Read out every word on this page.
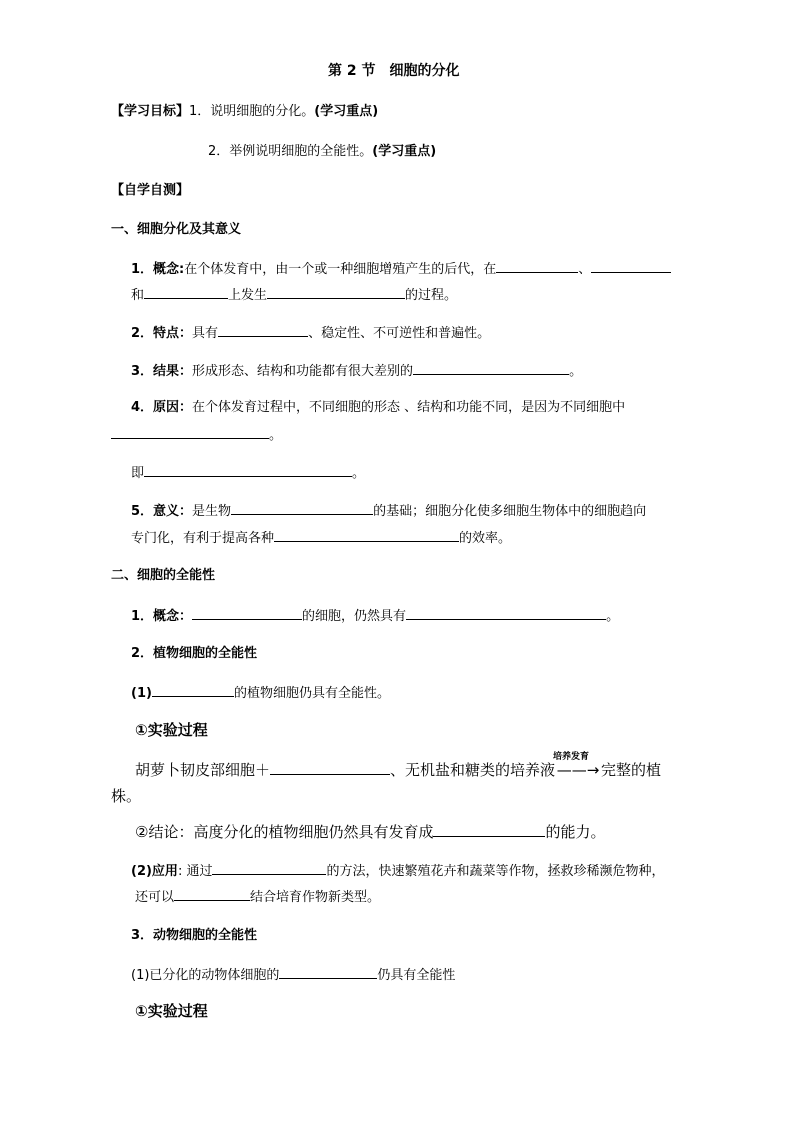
第 2 节　细胞的分化
【学习目标】1．说明细胞的分化。(学习重点)
2．举例说明细胞的全能性。(学习重点)
【自学自测】
一、细胞分化及其意义
1．概念:在个体发育中，由一个或一种细胞增殖产生的后代，在	、
和	上发生	的过程。
2．特点：具有	、稳定性、不可逆性和普遍性。
3．结果：形成形态、结构和功能都有很大差别的	。
4．原因：在个体发育过程中，不同细胞的形态 、结构和功能不同，是因为不同细胞中
。
即	。
5．意义：是生物	的基础；细胞分化使多细胞生物体中的细胞趋向
专门化，有利于提高各种	的效率。
二、细胞的全能性
1．概念：	的细胞，仍然具有	。
2．植物细胞的全能性
(1)	的植物细胞仍具有全能性。
①实验过程
胡萝卜韧皮部细胞＋	、无机盐和糖类的培养液
培养发育
——→ 完整的植
株。
②结论：高度分化的植物细胞仍然具有发育成	的能力。
(2)应用: 通过	的方法，快速繁殖花卉和蔬菜等作物，拯救珍稀濒危物种，
还可以	结合培育作物新类型。
3．动物细胞的全能性
(1)已分化的动物体细胞的	仍具有全能性
①实验过程
